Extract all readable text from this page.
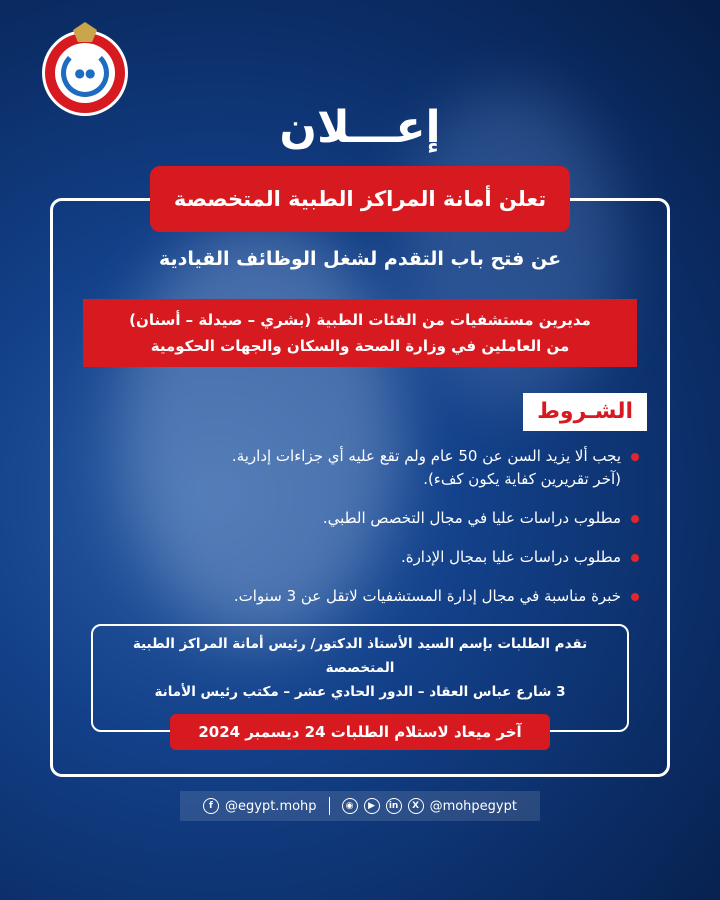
●●
إعـــلان
تعلن أمانة المراكز الطبية المتخصصة
عن فتح باب التقدم لشغل الوظائف القيادية
مديرين مستشفيات من الفئات الطبية (بشري – صيدلة – أسنان)
من العاملين في وزارة الصحة والسكان والجهات الحكومية
الشـروط
يجب ألا يزيد السن عن 50 عام ولم تقع عليه أي جزاءات إدارية.
(آخر تقريرين كفاية يكون كفء).
مطلوب دراسات عليا في مجال التخصص الطبي.
مطلوب دراسات عليا بمجال الإدارة.
خبرة مناسبة في مجال إدارة المستشفيات لاتقل عن 3 سنوات.
تقدم الطلبات بإسم السيد الأستاذ الدكتور/ رئيس أمانة المراكز الطبية المتخصصة
3 شارع عباس العقاد – الدور الحادي عشر – مكتب رئيس الأمانة
آخر ميعاد لاستلام الطلبات 24 ديسمبر 2024
f @egypt.mohp	◉	▶	in	X @mohpegypt
